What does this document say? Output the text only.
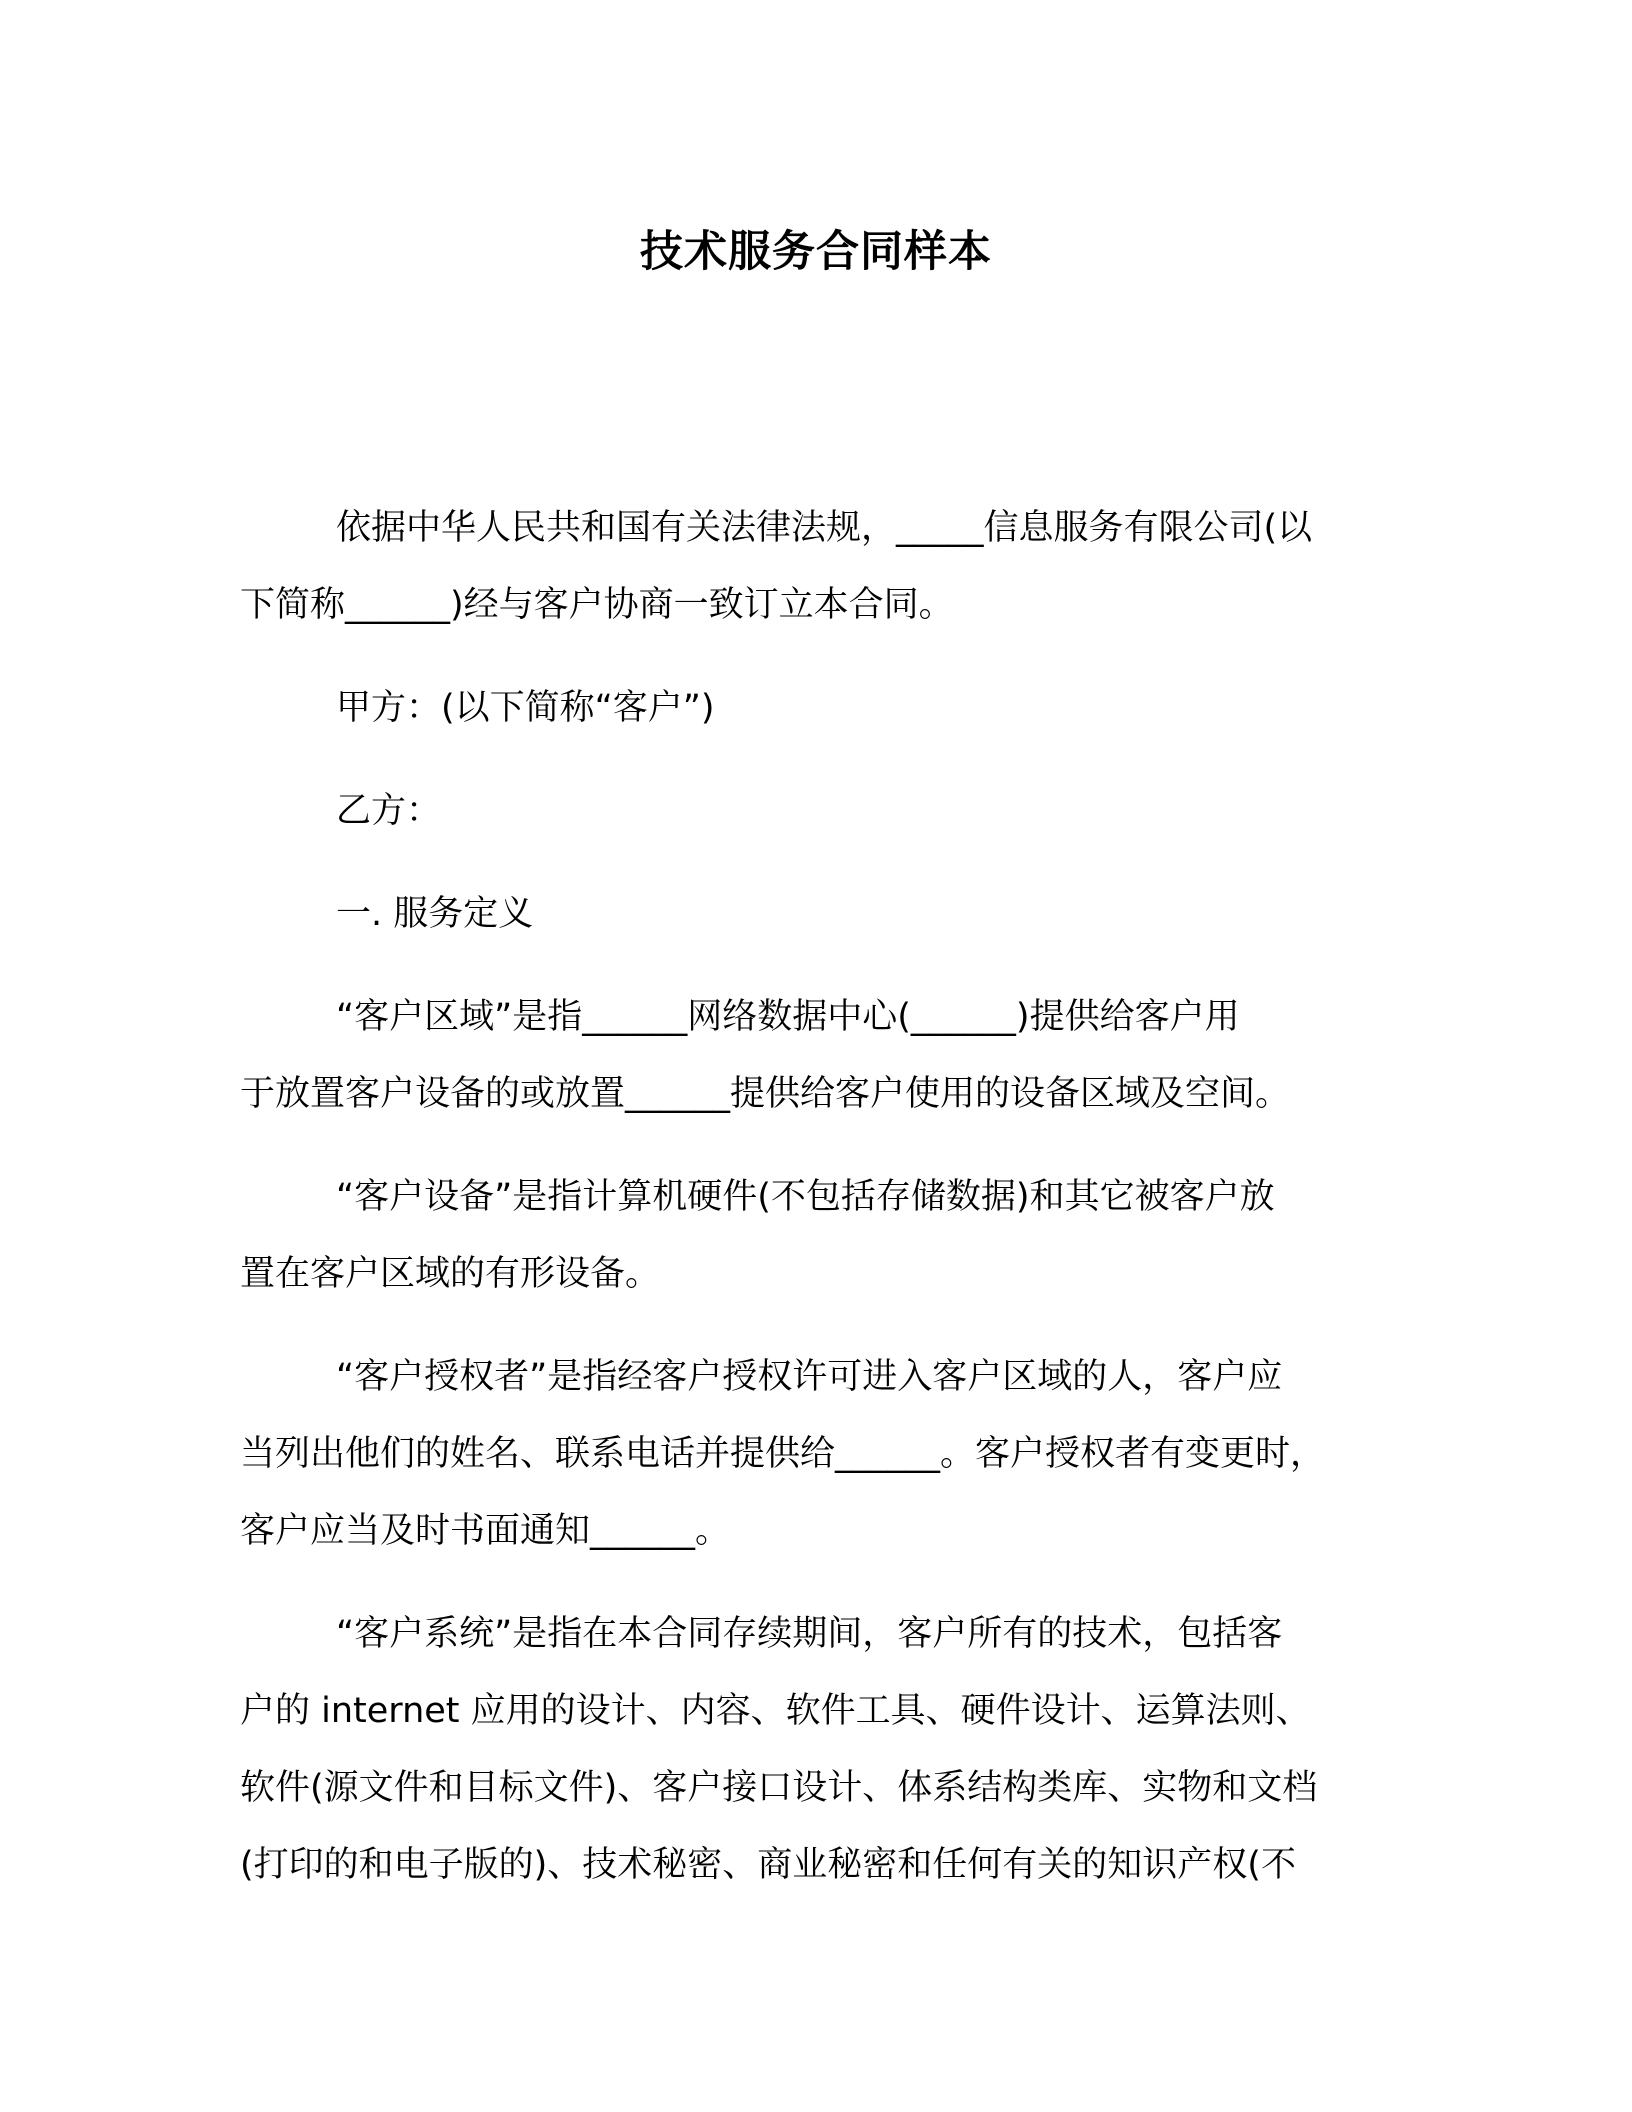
技术服务合同样本
依据中华人民共和国有关法律法规，_____信息服务有限公司(以
下简称______)经与客户协商一致订立本合同。
甲方：(以下简称“客户”)
乙方：
一. 服务定义
“客户区域”是指______网络数据中心(______)提供给客户用
于放置客户设备的或放置______提供给客户使用的设备区域及空间。
“客户设备”是指计算机硬件(不包括存储数据)和其它被客户放
置在客户区域的有形设备。
“客户授权者”是指经客户授权许可进入客户区域的人，客户应
当列出他们的姓名、联系电话并提供给______。客户授权者有变更时，
客户应当及时书面通知______。
“客户系统”是指在本合同存续期间，客户所有的技术，包括客
户的 internet 应用的设计、内容、软件工具、硬件设计、运算法则、
软件(源文件和目标文件)、客户接口设计、体系结构类库、实物和文档
(打印的和电子版的)、技术秘密、商业秘密和任何有关的知识产权(不
